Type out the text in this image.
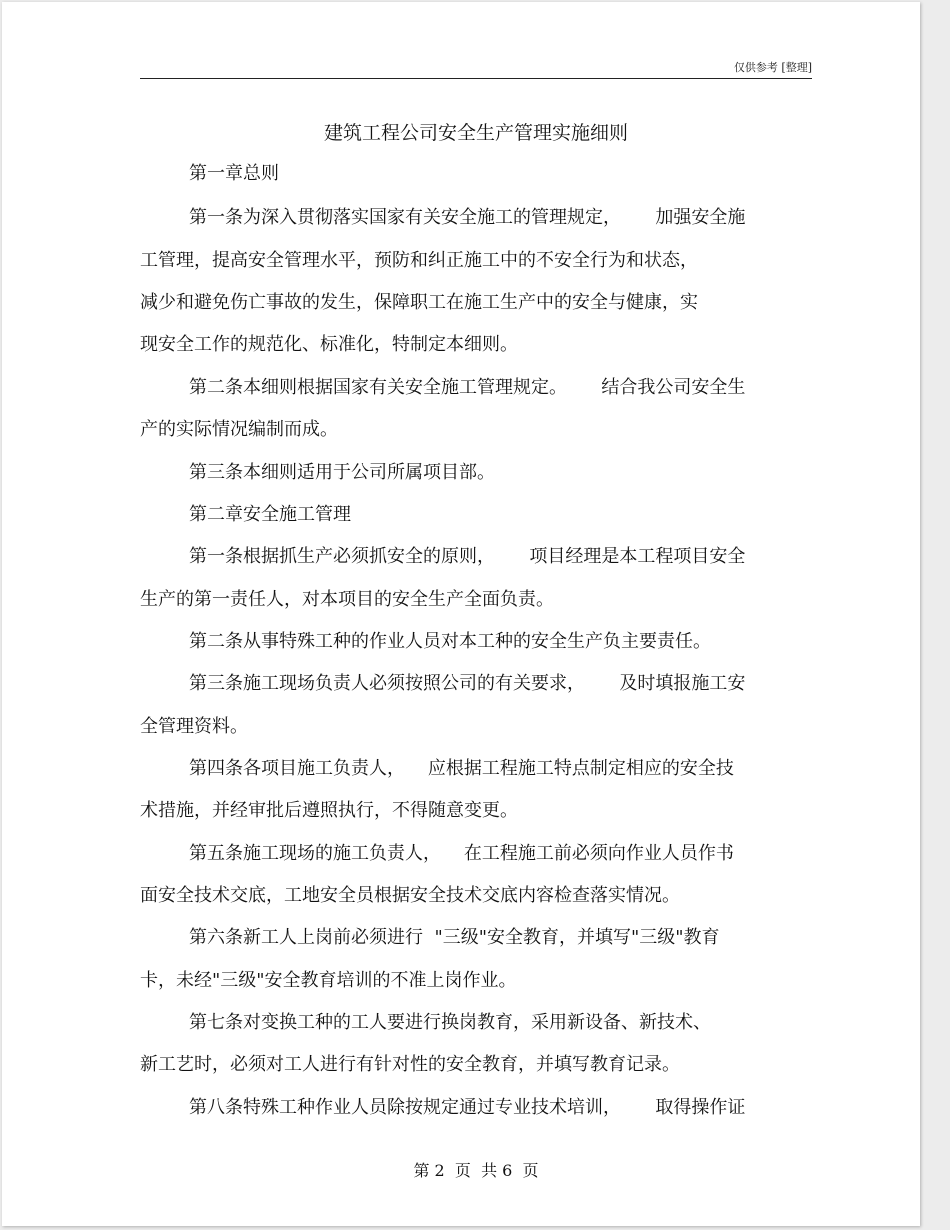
仅供参考 [整理]
建筑工程公司安全生产管理实施细则
第一章总则
第一条为深入贯彻落实国家有关安全施工的管理规定，      加强安全施
工管理，提高安全管理水平，预防和纠正施工中的不安全行为和状态，
减少和避免伤亡事故的发生，保障职工在施工生产中的安全与健康，实
现安全工作的规范化、标准化，特制定本细则。
第二条本细则根据国家有关安全施工管理规定。      结合我公司安全生
产的实际情况编制而成。
第三条本细则适用于公司所属项目部。
第二章安全施工管理
第一条根据抓生产必须抓安全的原则，      项目经理是本工程项目安全
生产的第一责任人，对本项目的安全生产全面负责。
第二条从事特殊工种的作业人员对本工种的安全生产负主要责任。
第三条施工现场负责人必须按照公司的有关要求，      及时填报施工安
全管理资料。
第四条各项目施工负责人，    应根据工程施工特点制定相应的安全技
术措施，并经审批后遵照执行，不得随意变更。
第五条施工现场的施工负责人，    在工程施工前必须向作业人员作书
面安全技术交底，工地安全员根据安全技术交底内容检查落实情况。
第六条新工人上岗前必须进行  "三级"安全教育，并填写"三级"教育
卡，未经"三级"安全教育培训的不准上岗作业。
第七条对变换工种的工人要进行换岗教育，采用新设备、新技术、
新工艺时，必须对工人进行有针对性的安全教育，并填写教育记录。
第八条特殊工种作业人员除按规定通过专业技术培训，      取得操作证
第 2  页  共 6  页
